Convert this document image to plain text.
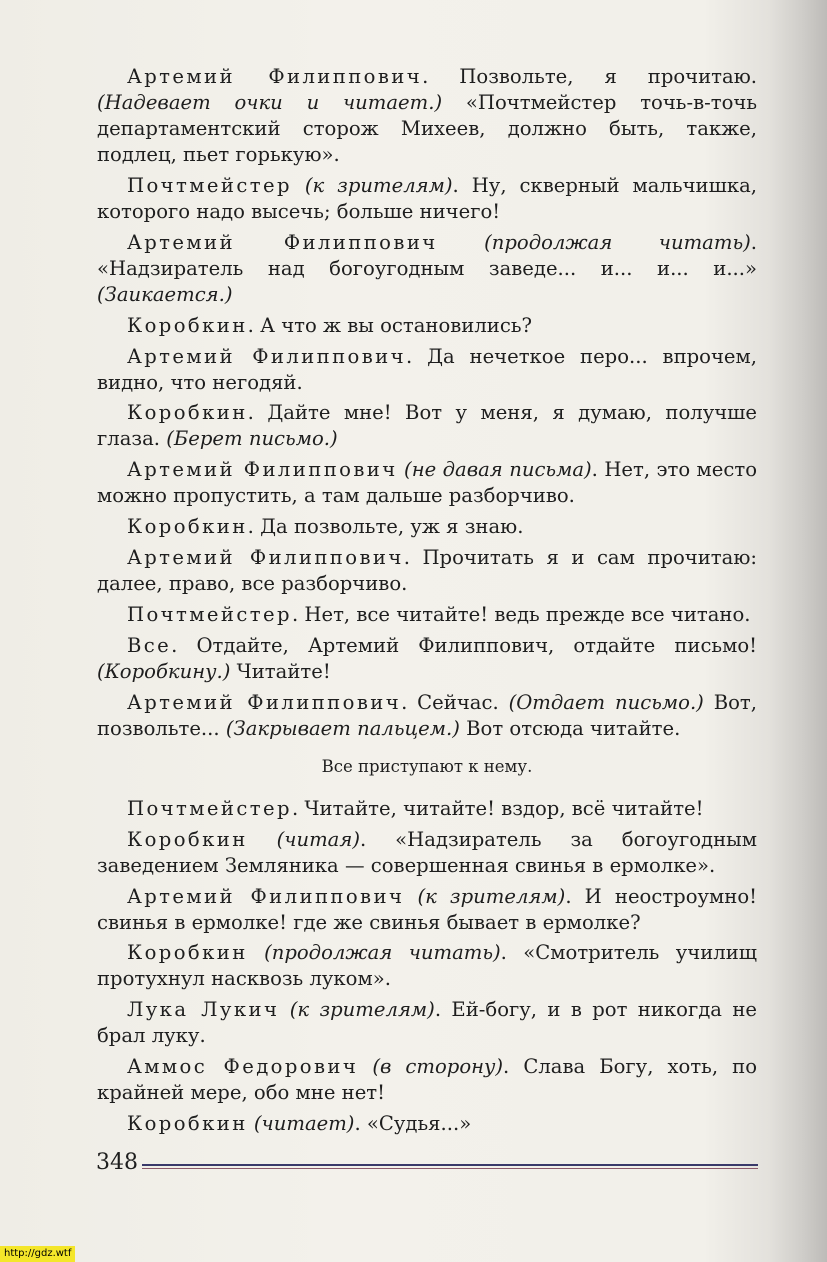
Артемий Филиппович. Позвольте, я прочитаю. (Надевает очки и читает.) «Почтмейстер точь-в-точь департаментский сторож Михеев, должно быть, также, подлец, пьет горькую».

Почтмейстер (к зрителям). Ну, скверный мальчишка, которого надо высечь; больше ничего!

Артемий Филиппович (продолжая читать). «Надзиратель над богоугодным заведе... и... и... и...» (Заикается.)

Коробкин. А что ж вы остановились?

Артемий Филиппович. Да нечеткое перо... впрочем, видно, что негодяй.

Коробкин. Дайте мне! Вот у меня, я думаю, получше глаза. (Берет письмо.)

Артемий Филиппович (не давая письма). Нет, это место можно пропустить, а там дальше разборчиво.

Коробкин. Да позвольте, уж я знаю.

Артемий Филиппович. Прочитать я и сам прочитаю: далее, право, все разборчиво.

Почтмейстер. Нет, все читайте! ведь прежде все читано.

Все. Отдайте, Артемий Филиппович, отдайте письмо! (Коробкину.) Читайте!

Артемий Филиппович. Сейчас. (Отдает письмо.) Вот, позвольте... (Закрывает пальцем.) Вот отсюда читайте.

Все приступают к нему.

Почтмейстер. Читайте, читайте! вздор, всё читайте!

Коробкин (читая). «Надзиратель за богоугодным заведением Земляника — совершенная свинья в ермолке».

Артемий Филиппович (к зрителям). И неостроумно! свинья в ермолке! где же свинья бывает в ермолке?

Коробкин (продолжая читать). «Смотритель училищ протухнул насквозь луком».

Лука Лукич (к зрителям). Ей-богу, и в рот никогда не брал луку.

Аммос Федорович (в сторону). Слава Богу, хоть, по крайней мере, обо мне нет!

Коробкин (читает). «Судья...»

348
http://gdz.wtf
